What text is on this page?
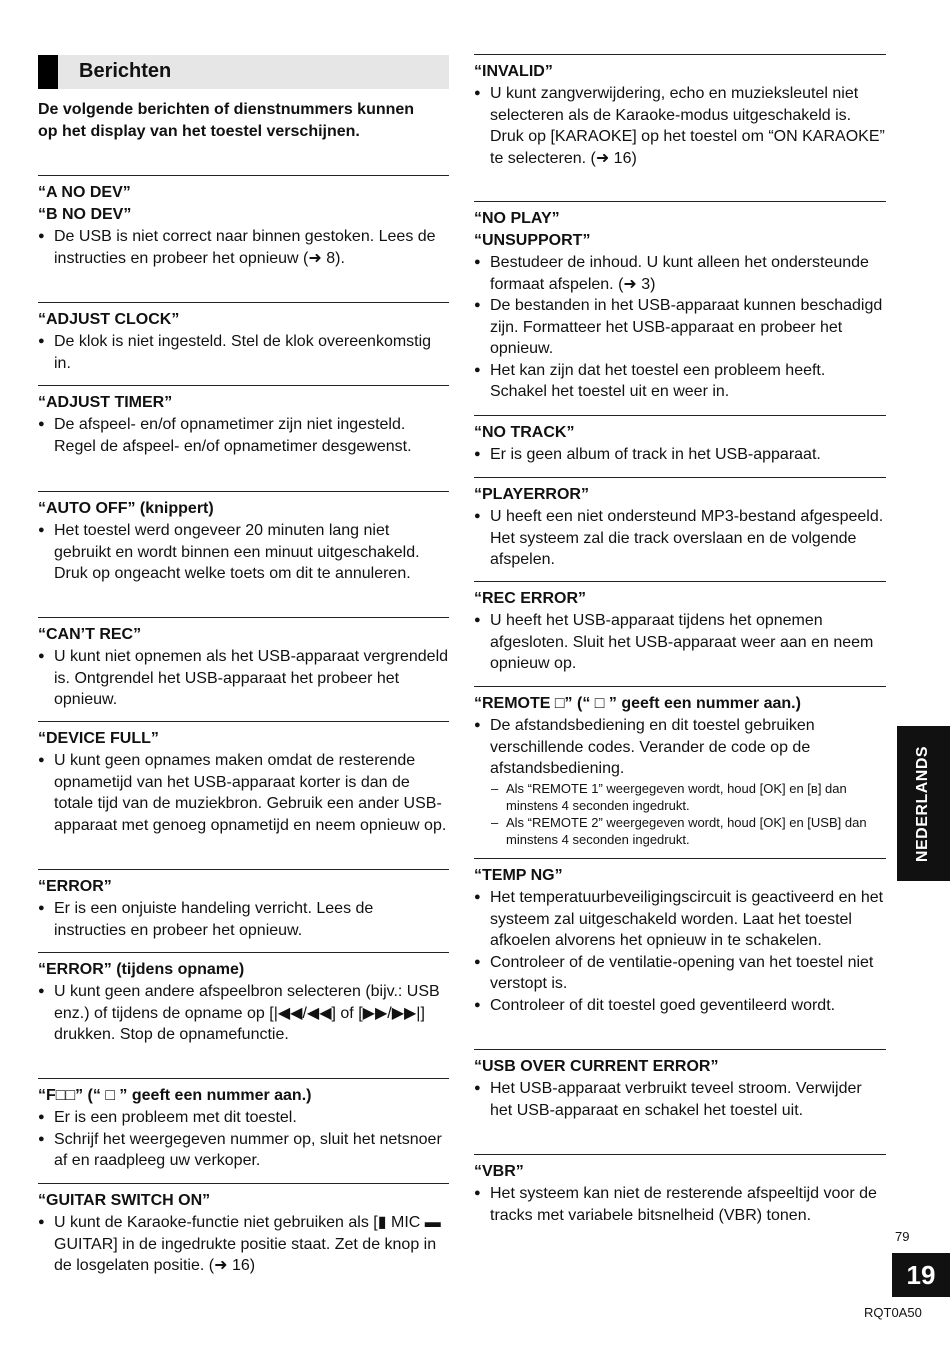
Berichten
De volgende berichten of dienstnummers kunnen op het display van het toestel verschijnen.
“A NO DEV”
“B NO DEV”
● De USB is niet correct naar binnen gestoken. Lees de instructies en probeer het opnieuw (➜ 8).
“ADJUST CLOCK”
● De klok is niet ingesteld. Stel de klok overeenkomstig in.
“ADJUST TIMER”
● De afspeel- en/of opnametimer zijn niet ingesteld. Regel de afspeel- en/of opnametimer desgewenst.
“AUTO OFF” (knippert)
● Het toestel werd ongeveer 20 minuten lang niet gebruikt en wordt binnen een minuut uitgeschakeld. Druk op ongeacht welke toets om dit te annuleren.
“CAN’T REC”
● U kunt niet opnemen als het USB-apparaat vergrendeld is. Ontgrendel het USB-apparaat het probeer het opnieuw.
“DEVICE FULL”
● U kunt geen opnames maken omdat de resterende opnametijd van het USB-apparaat korter is dan de totale tijd van de muziekbron. Gebruik een ander USB-apparaat met genoeg opnametijd en neem opnieuw op.
“ERROR”
● Er is een onjuiste handeling verricht. Lees de instructies en probeer het opnieuw.
“ERROR” (tijdens opname)
● U kunt geen andere afspeelbron selecteren (bijv.: USB enz.) of tijdens de opname op [|◀◀/◀◀] of [▶▶/▶▶|] drukken. Stop de opnamefunctie.
“F□□” (“ □ ” geeft een nummer aan.)
● Er is een probleem met dit toestel.
● Schrijf het weergegeven nummer op, sluit het netsnoer af en raadpleeg uw verkoper.
“GUITAR SWITCH ON”
● U kunt de Karaoke-functie niet gebruiken als [▮ MIC ▬ GUITAR] in de ingedrukte positie staat. Zet de knop in de losgelaten positie. (➜ 16)
“INVALID”
● U kunt zangverwijdering, echo en muzieksleutel niet selecteren als de Karaoke-modus uitgeschakeld is. Druk op [KARAOKE] op het toestel om “ON KARAOKE” te selecteren. (➜ 16)
“NO PLAY”
“UNSUPPORT”
● Bestudeer de inhoud. U kunt alleen het ondersteunde formaat afspelen. (➜ 3)
● De bestanden in het USB-apparaat kunnen beschadigd zijn. Formatteer het USB-apparaat en probeer het opnieuw.
● Het kan zijn dat het toestel een probleem heeft. Schakel het toestel uit en weer in.
“NO TRACK”
● Er is geen album of track in het USB-apparaat.
“PLAYERROR”
● U heeft een niet ondersteund MP3-bestand afgespeeld. Het systeem zal die track overslaan en de volgende afspelen.
“REC ERROR”
● U heeft het USB-apparaat tijdens het opnemen afgesloten. Sluit het USB-apparaat weer aan en neem opnieuw op.
“REMOTE □” (“ □ ” geeft een nummer aan.)
● De afstandsbediening en dit toestel gebruiken verschillende codes. Verander de code op de afstandsbediening.
– Als “REMOTE 1” weergegeven wordt, houd [OK] en [ʙ] dan minstens 4 seconden ingedrukt.
– Als “REMOTE 2” weergegeven wordt, houd [OK] en [USB] dan minstens 4 seconden ingedrukt.
“TEMP NG”
● Het temperatuurbeveiligingscircuit is geactiveerd en het systeem zal uitgeschakeld worden. Laat het toestel afkoelen alvorens het opnieuw in te schakelen.
● Controleer of de ventilatie-opening van het toestel niet verstopt is.
● Controleer of dit toestel goed geventileerd wordt.
“USB OVER CURRENT ERROR”
● Het USB-apparaat verbruikt teveel stroom. Verwijder het USB-apparaat en schakel het toestel uit.
“VBR”
● Het systeem kan niet de resterende afspeeltijd voor de tracks met variabele bitsnelheid (VBR) tonen.
NEDERLANDS
79
19
RQT0A50
